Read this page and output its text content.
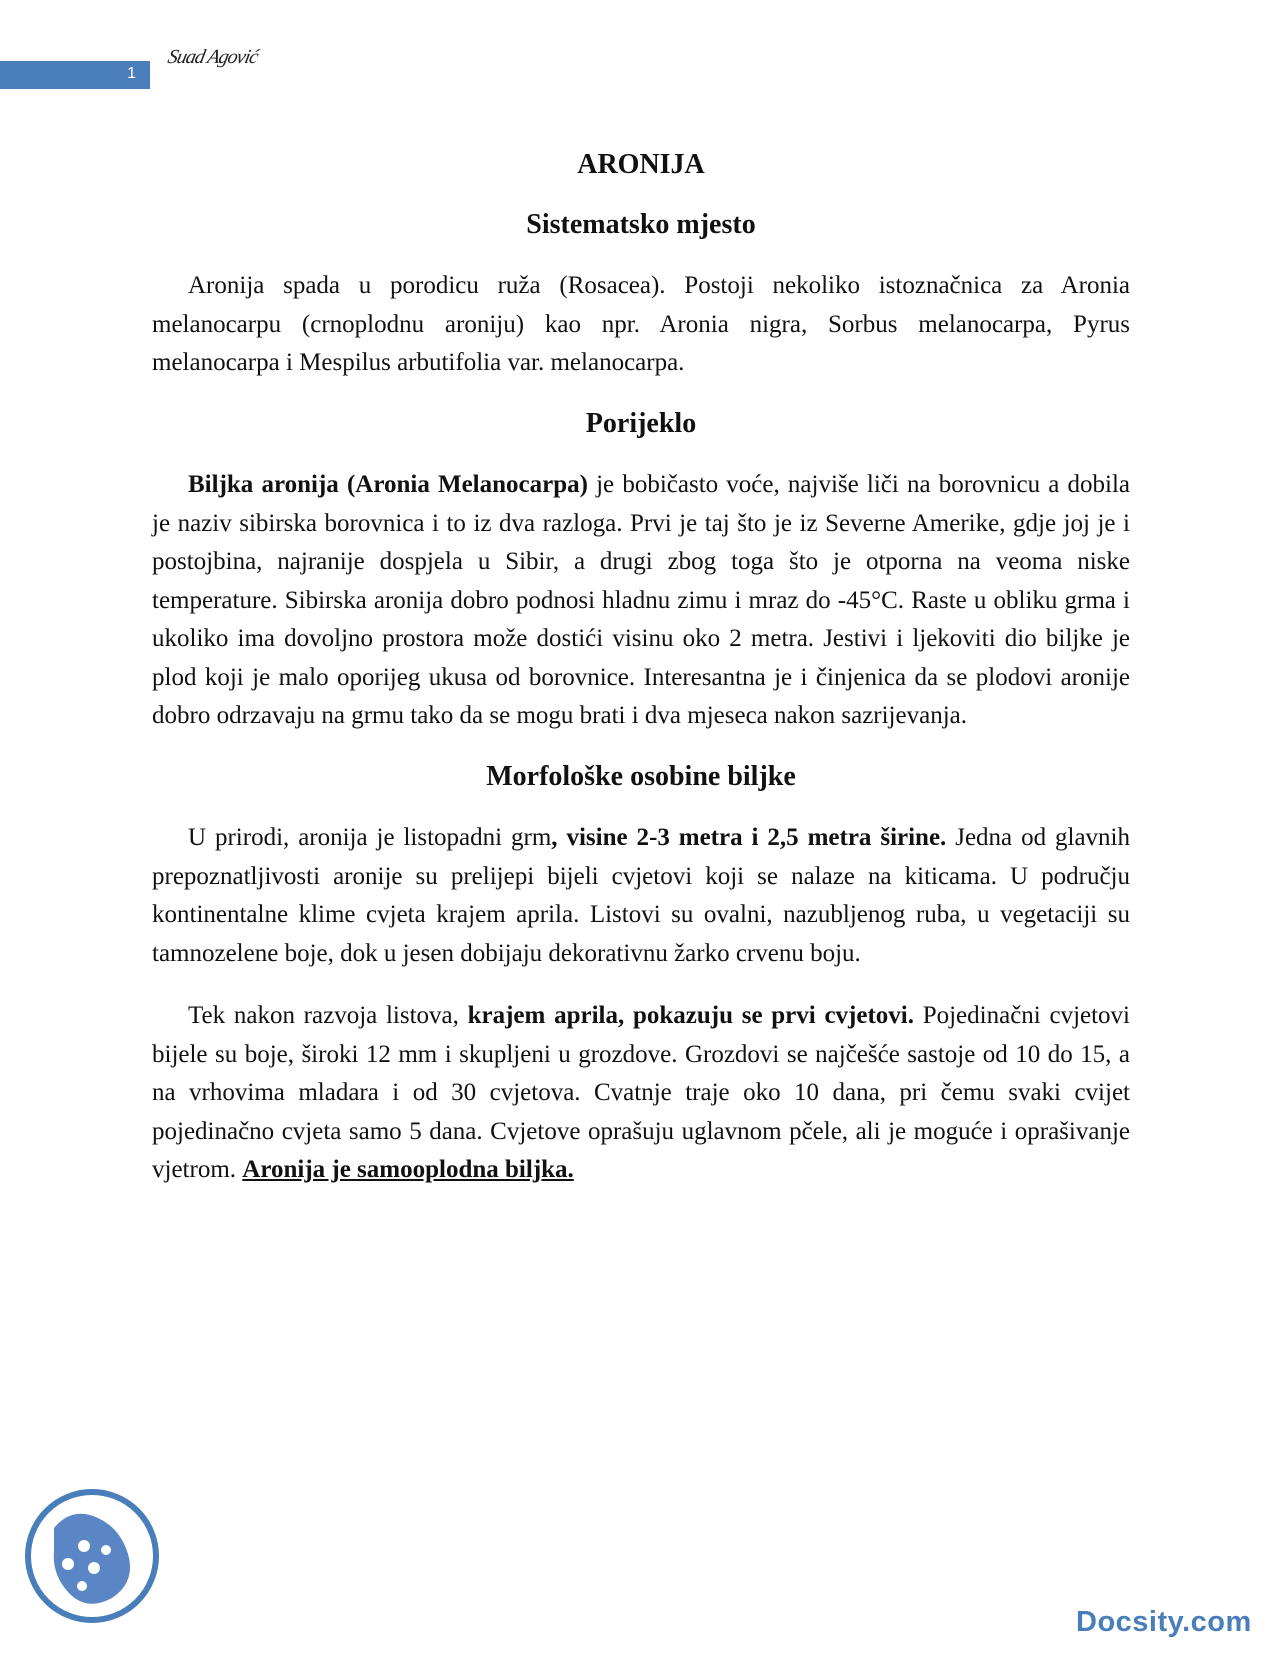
1
Suad Agović
ARONIJA
Sistematsko mjesto

Aronija spada u porodicu ruža (Rosacea). Postoji nekoliko istoznačnica za Aronia melanocarpu (crnoplodnu aroniju) kao npr. Aronia nigra, Sorbus melanocarpa, Pyrus melanocarpa i Mespilus arbutifolia var. melanocarpa.

Porijeklo

Biljka aronija (Aronia Melanocarpa) je bobičasto voće, najviše liči na borovnicu a dobila je naziv sibirska borovnica i to iz dva razloga. Prvi je taj što je iz Severne Amerike, gdje joj je i postojbina, najranije dospjela u Sibir, a drugi zbog toga što je otporna na veoma niske temperature. Sibirska aronija dobro podnosi hladnu zimu i mraz do -45°C. Raste u obliku grma i ukoliko ima dovoljno prostora može dostići visinu oko 2 metra. Jestivi i ljekoviti dio biljke je plod koji je malo oporijeg ukusa od borovnice. Interesantna je i činjenica da se plodovi aronije dobro odrzavaju na grmu tako da se mogu brati i dva mjeseca nakon sazrijevanja.

Morfološke osobine biljke

U prirodi, aronija je listopadni grm, visine 2-3 metra i 2,5 metra širine. Jedna od glavnih prepoznatljivosti aronije su prelijepi bijeli cvjetovi koji se nalaze na kiticama. U području kontinentalne klime cvjeta krajem aprila. Listovi su ovalni, nazubljenog ruba, u vegetaciji su tamnozelene boje, dok u jesen dobijaju dekorativnu žarko crvenu boju.

Tek nakon razvoja listova, krajem aprila, pokazuju se prvi cvjetovi. Pojedinačni cvjetovi bijele su boje, široki 12 mm i skupljeni u grozdove. Grozdovi se najčešće sastoje od 10 do 15, a na vrhovima mladara i od 30 cvjetova. Cvatnje traje oko 10 dana, pri čemu svaki cvijet pojedinačno cvjeta samo 5 dana. Cvjetove oprašuju uglavnom pčele, ali je moguće i oprašivanje vjetrom. Aronija je samooplodna biljka.

Docsity.com
